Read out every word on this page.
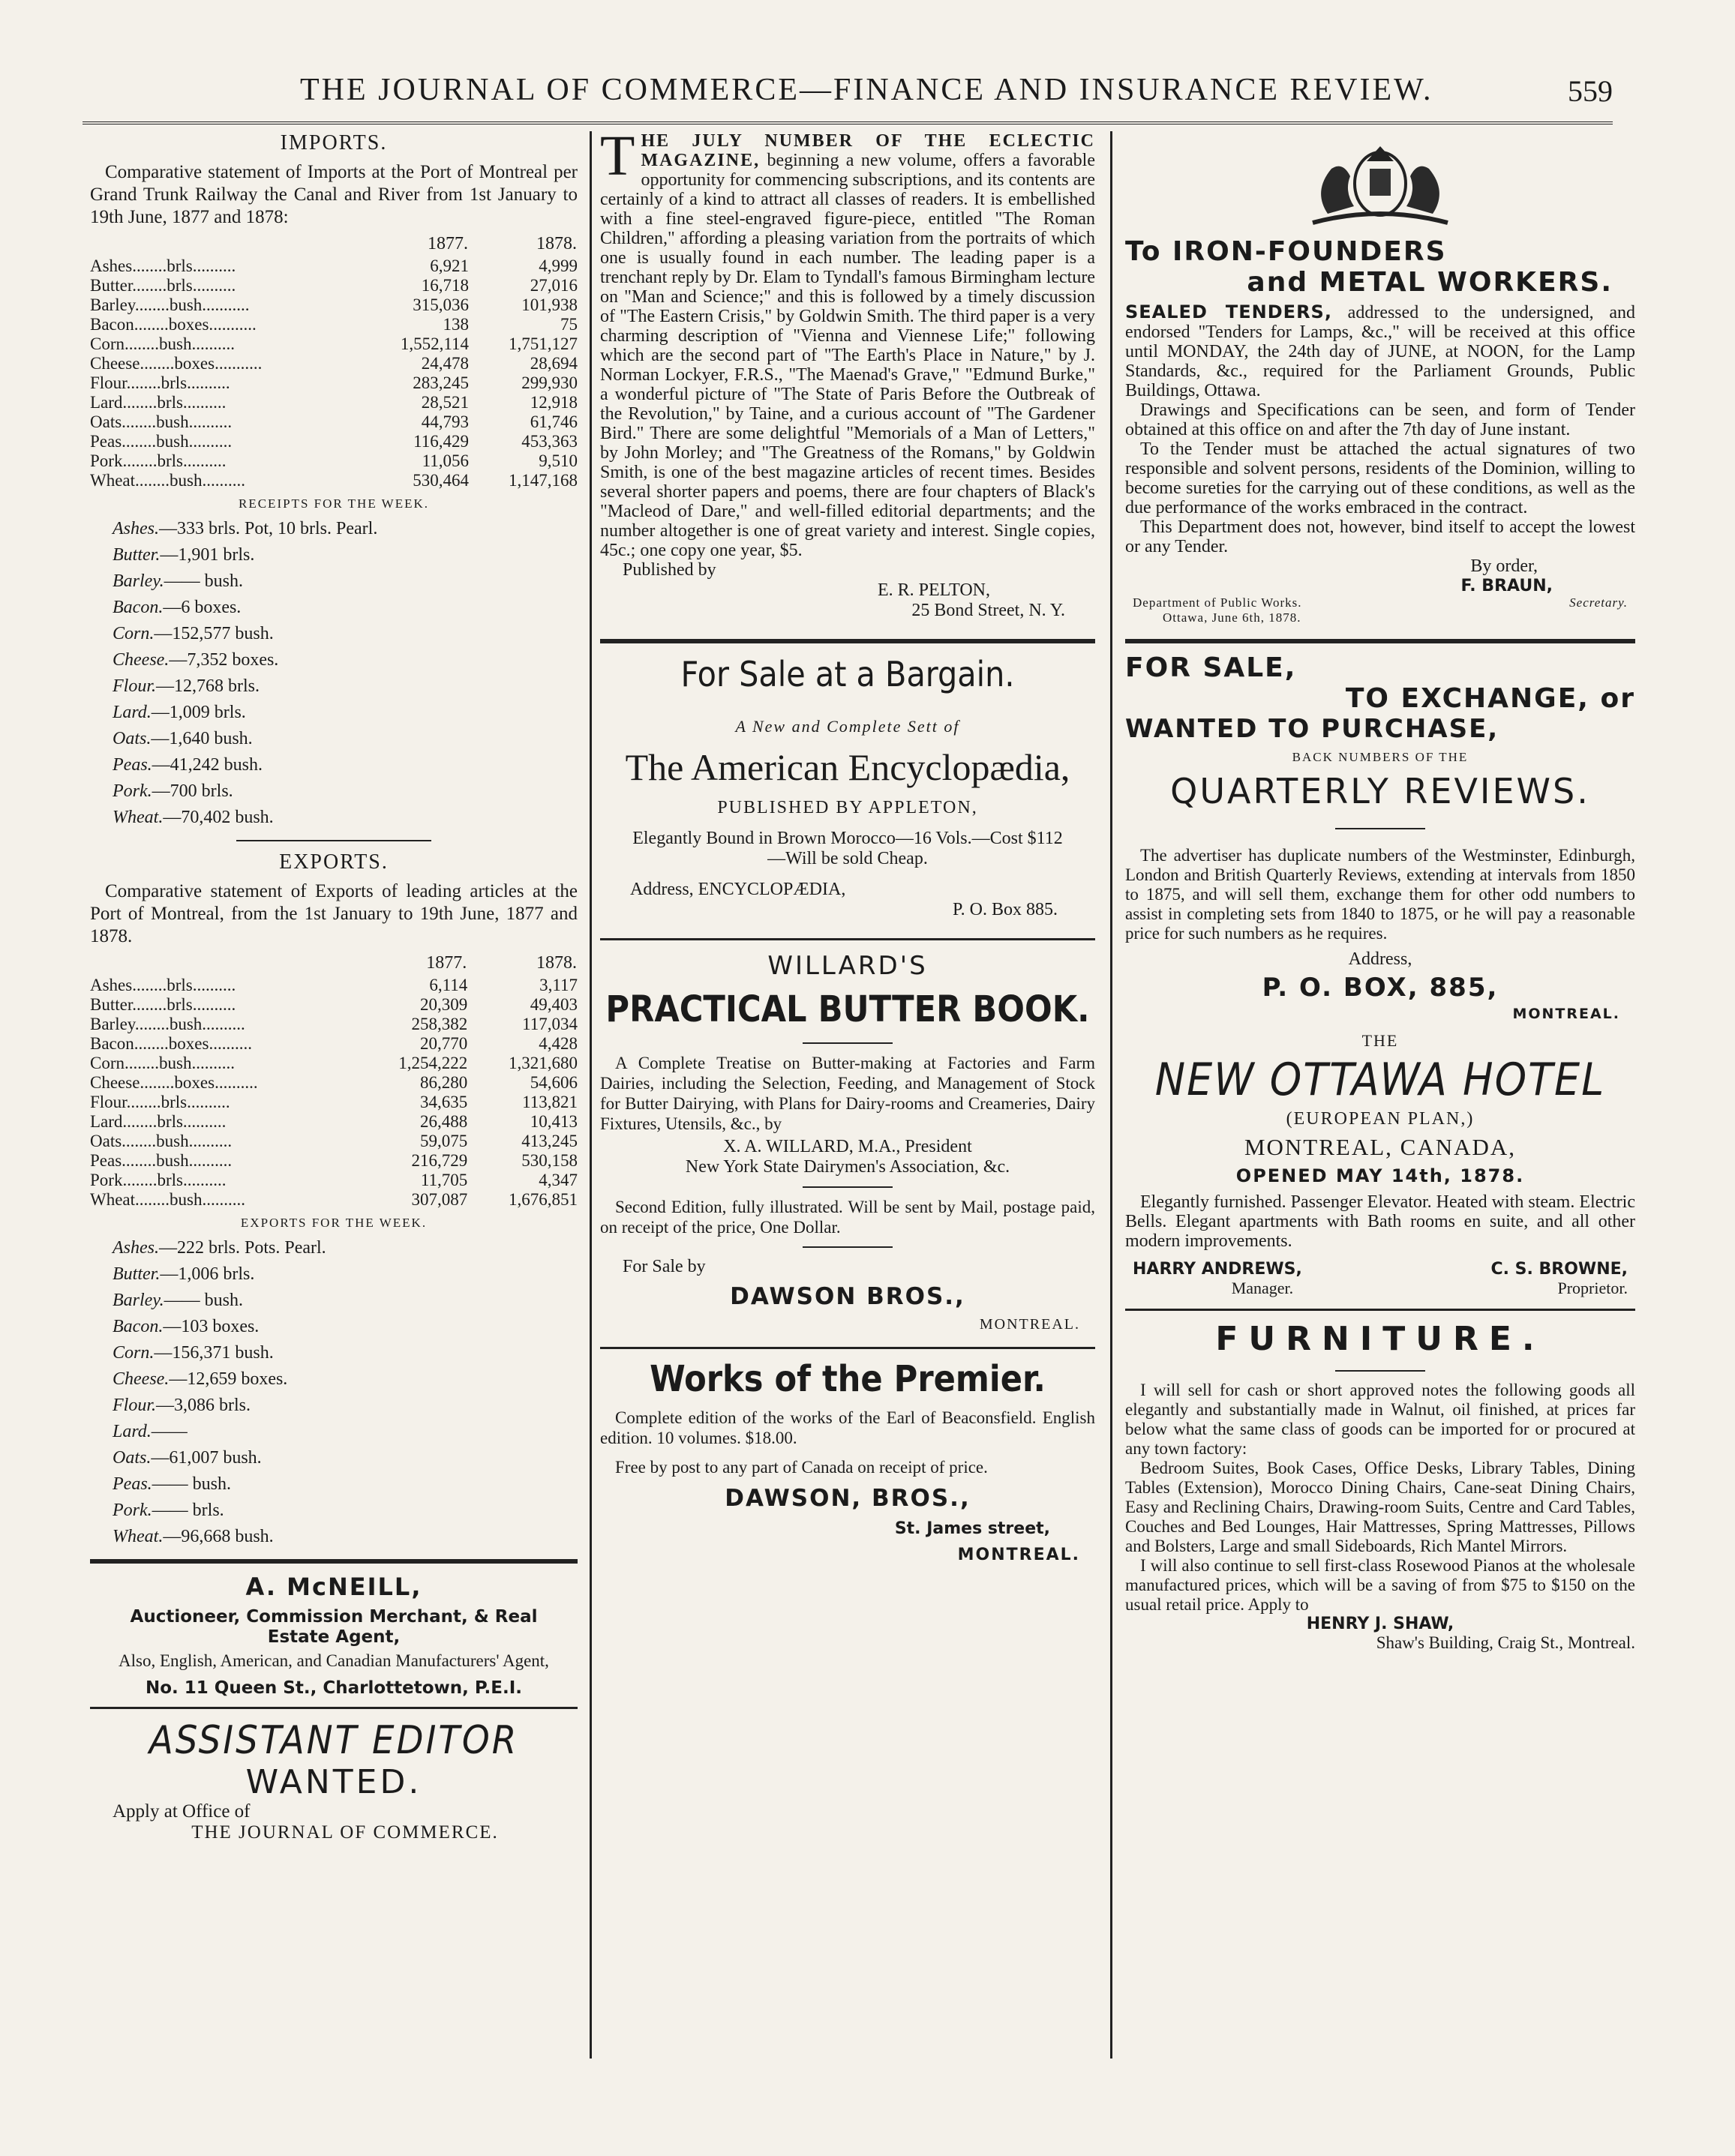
THE JOURNAL OF COMMERCE—FINANCE AND INSURANCE REVIEW.	559
IMPORTS.

Comparative statement of Imports at the Port of Montreal per Grand Trunk Railway the Canal and River from 1st January to 19th June, 1877 and 1878:

	1877.	1878.
Ashes........brls..........	6,921	4,999
Butter........brls..........	16,718	27,016
Barley........bush...........	315,036	101,938
Bacon........boxes...........	138	75
Corn........bush..........	1,552,114	1,751,127
Cheese........boxes...........	24,478	28,694
Flour........brls..........	283,245	299,930
Lard........brls..........	28,521	12,918
Oats........bush..........	44,793	61,746
Peas........bush..........	116,429	453,363
Pork........brls..........	11,056	9,510
Wheat........bush..........	530,464	1,147,168
RECEIPTS FOR THE WEEK.
Ashes.—333 brls. Pot, 10 brls. Pearl.
Butter.—1,901 brls.
Barley.—— bush.
Bacon.—6 boxes.
Corn.—152,577 bush.
Cheese.—7,352 boxes.
Flour.—12,768 brls.
Lard.—1,009 brls.
Oats.—1,640 bush.
Peas.—41,242 bush.
Pork.—700 brls.
Wheat.—70,402 bush.
EXPORTS.

Comparative statement of Exports of leading articles at the Port of Montreal, from the 1st January to 19th June, 1877 and 1878.

	1877.	1878.
Ashes........brls..........	6,114	3,117
Butter........brls..........	20,309	49,403
Barley........bush..........	258,382	117,034
Bacon........boxes..........	20,770	4,428
Corn........bush..........	1,254,222	1,321,680
Cheese........boxes..........	86,280	54,606
Flour........brls..........	34,635	113,821
Lard........brls..........	26,488	10,413
Oats........bush..........	59,075	413,245
Peas........bush..........	216,729	530,158
Pork........brls..........	11,705	4,347
Wheat........bush..........	307,087	1,676,851
EXPORTS FOR THE WEEK.
Ashes.—222 brls. Pots. Pearl.
Butter.—1,006 brls.
Barley.—— bush.
Bacon.—103 boxes.
Corn.—156,371 bush.
Cheese.—12,659 boxes.
Flour.—3,086 brls.
Lard.——
Oats.—61,007 bush.
Peas.—— bush.
Pork.—— brls.
Wheat.—96,668 bush.
A. McNEILL,
Auctioneer, Commission Merchant, & Real Estate Agent,
Also, English, American, and Canadian Manufacturers' Agent,
No. 11 Queen St., Charlottetown, P.E.I.
ASSISTANT EDITOR
WANTED.
Apply at Office of
THE JOURNAL OF COMMERCE.
T HE JULY NUMBER OF THE ECLECTIC MAGAZINE, beginning a new volume, offers a favorable opportunity for commencing subscriptions, and its contents are certainly of a kind to attract all classes of readers. It is embellished with a fine steel-engraved figure-piece, entitled "The Roman Children," affording a pleasing variation from the portraits of which one is usually found in each number. The leading paper is a trenchant reply by Dr. Elam to Tyndall's famous Birmingham lecture on "Man and Science;" and this is followed by a timely discussion of "The Eastern Crisis," by Goldwin Smith. The third paper is a very charming description of "Vienna and Viennese Life;" following which are the second part of "The Earth's Place in Nature," by J. Norman Lockyer, F.R.S., "The Maenad's Grave," "Edmund Burke," a wonderful picture of "The State of Paris Before the Outbreak of the Revolution," by Taine, and a curious account of "The Gardener Bird." There are some delightful "Memorials of a Man of Letters," by John Morley; and "The Greatness of the Romans," by Goldwin Smith, is one of the best magazine articles of recent times. Besides several shorter papers and poems, there are four chapters of Black's "Macleod of Dare," and well-filled editorial departments; and the number altogether is one of great variety and interest. Single copies, 45c.; one copy one year, $5.

Published by
E. R. PELTON,
25 Bond Street, N. Y.
For Sale at a Bargain.
A New and Complete Sett of
The American Encyclopædia,
PUBLISHED BY APPLETON,
Elegantly Bound in Brown Morocco—16 Vols.—Cost $112—Will be sold Cheap.
Address, ENCYCLOPÆDIA,
P. O. Box 885.
WILLARD'S
PRACTICAL BUTTER BOOK.

A Complete Treatise on Butter-making at Factories and Farm Dairies, including the Selection, Feeding, and Management of Stock for Butter Dairying, with Plans for Dairy-rooms and Creameries, Dairy Fixtures, Utensils, &c., by

X. A. WILLARD, M.A., President
New York State Dairymen's Association, &c.

Second Edition, fully illustrated. Will be sent by Mail, postage paid, on receipt of the price, One Dollar.

For Sale by
DAWSON BROS.,
MONTREAL.
Works of the Premier.

Complete edition of the works of the Earl of Beaconsfield. English edition. 10 volumes. $18.00.

Free by post to any part of Canada on receipt of price.

DAWSON, BROS.,
St. James street,
MONTREAL.
To IRON-FOUNDERS
and METAL WORKERS.

SEALED TENDERS, addressed to the undersigned, and endorsed "Tenders for Lamps, &c.," will be received at this office until MONDAY, the 24th day of JUNE, at NOON, for the Lamp Standards, &c., required for the Parliament Grounds, Public Buildings, Ottawa.

Drawings and Specifications can be seen, and form of Tender obtained at this office on and after the 7th day of June instant.

To the Tender must be attached the actual signatures of two responsible and solvent persons, residents of the Dominion, willing to become sureties for the carrying out of these conditions, as well as the due performance of the works embraced in the contract.

This Department does not, however, bind itself to accept the lowest or any Tender.

By order,
F. BRAUN,
Department of Public Works.
Ottawa, June 6th, 1878.
Secretary.
FOR SALE,
TO EXCHANGE, or
WANTED TO PURCHASE,
BACK NUMBERS OF THE
QUARTERLY REVIEWS.

The advertiser has duplicate numbers of the Westminster, Edinburgh, London and British Quarterly Reviews, extending at intervals from 1850 to 1875, and will sell them, exchange them for other odd numbers to assist in completing sets from 1840 to 1875, or he will pay a reasonable price for such numbers as he requires.

Address,
P. O. BOX, 885,
MONTREAL.
THE
NEW OTTAWA HOTEL
(EUROPEAN PLAN,)
MONTREAL, CANADA,
OPENED MAY 14th, 1878.

Elegantly furnished. Passenger Elevator. Heated with steam. Electric Bells. Elegant apartments with Bath rooms en suite, and all other modern improvements.

HARRY ANDREWS,
Manager.
C. S. BROWNE,
Proprietor.
FURNITURE.

I will sell for cash or short approved notes the following goods all elegantly and substantially made in Walnut, oil finished, at prices far below what the same class of goods can be imported for or procured at any town factory:

Bedroom Suites, Book Cases, Office Desks, Library Tables, Dining Tables (Extension), Morocco Dining Chairs, Cane-seat Dining Chairs, Easy and Reclining Chairs, Drawing-room Suits, Centre and Card Tables, Couches and Bed Lounges, Hair Mattresses, Spring Mattresses, Pillows and Bolsters, Large and small Sideboards, Rich Mantel Mirrors.

I will also continue to sell first-class Rosewood Pianos at the wholesale manufactured prices, which will be a saving of from $75 to $150 on the usual retail price. Apply to

HENRY J. SHAW,
Shaw's Building, Craig St., Montreal.
